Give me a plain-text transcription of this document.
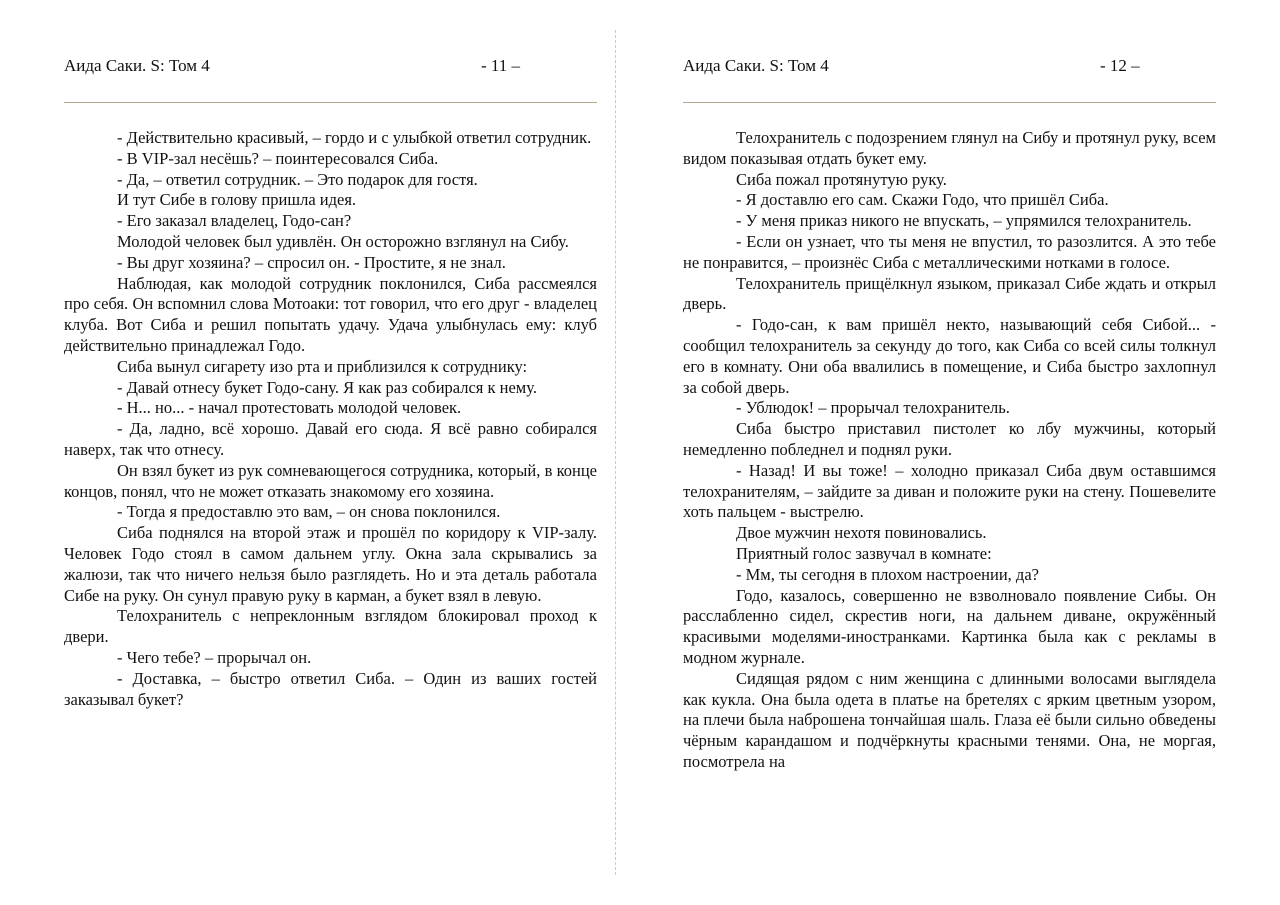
Аида Саки. S: Том 4	- 11 –

- Действительно красивый, – гордо и с улыбкой ответил сотрудник.

- В VIP-зал несёшь? – поинтересовался Сиба.

- Да, – ответил сотрудник. – Это подарок для гостя.

И тут Сибе в голову пришла идея.

- Его заказал владелец, Годо-сан?

Молодой человек был удивлён. Он осторожно взглянул на Сибу.

- Вы друг хозяина? – спросил он. - Простите, я не знал.

Наблюдая, как молодой сотрудник поклонился, Сиба рассмеялся про себя. Он вспомнил слова Мотоаки: тот говорил, что его друг - владелец клуба. Вот Сиба и решил попытать удачу. Удача улыбнулась ему: клуб действительно принадлежал Годо.

Сиба вынул сигарету изо рта и приблизился к сотруднику:

- Давай отнесу букет Годо-сану. Я как раз собирался к нему.

- Н... но... - начал протестовать молодой человек.

- Да, ладно, всё хорошо. Давай его сюда. Я всё равно собирался наверх, так что отнесу.

Он взял букет из рук сомневающегося сотрудника, который, в конце концов, понял, что не может отказать знакомому его хозяина.

- Тогда я предоставлю это вам, – он снова поклонился.

Сиба поднялся на второй этаж и прошёл по коридору к VIP-залу. Человек Годо стоял в самом дальнем углу. Окна зала скрывались за жалюзи, так что ничего нельзя было разглядеть. Но и эта деталь работала Сибе на руку. Он сунул правую руку в карман, а букет взял в левую.

Телохранитель с непреклонным взглядом блокировал проход к двери.

- Чего тебе? – прорычал он.

- Доставка, – быстро ответил Сиба. – Один из ваших гостей заказывал букет?

Аида Саки. S: Том 4	- 12 –

Телохранитель с подозрением глянул на Сибу и протянул руку, всем видом показывая отдать букет ему.

Сиба пожал протянутую руку.

- Я доставлю его сам. Скажи Годо, что пришёл Сиба.

- У меня приказ никого не впускать, – упрямился телохранитель.

- Если он узнает, что ты меня не впустил, то разозлится. А это тебе не понравится, – произнёс Сиба с металлическими нотками в голосе.

Телохранитель прищёлкнул языком, приказал Сибе ждать и открыл дверь.

- Годо-сан, к вам пришёл некто, называющий себя Сибой... - сообщил телохранитель за секунду до того, как Сиба со всей силы толкнул его в комнату. Они оба ввалились в помещение, и Сиба быстро захлопнул за собой дверь.

- Ублюдок! – прорычал телохранитель.

Сиба быстро приставил пистолет ко лбу мужчины, который немедленно побледнел и поднял руки.

- Назад! И вы тоже! – холодно приказал Сиба двум оставшимся телохранителям, – зайдите за диван и положите руки на стену. Пошевелите хоть пальцем - выстрелю.

Двое мужчин нехотя повиновались.

Приятный голос зазвучал в комнате:

- Мм, ты сегодня в плохом настроении, да?

Годо, казалось, совершенно не взволновало появление Сибы. Он расслабленно сидел, скрестив ноги, на дальнем диване, окружённый красивыми моделями-иностранками. Картинка была как с рекламы в модном журнале.

Сидящая рядом с ним женщина с длинными волосами выглядела как кукла. Она была одета в платье на бретелях с ярким цветным узором, на плечи была наброшена тончайшая шаль. Глаза её были сильно обведены чёрным карандашом и подчёркнуты красными тенями. Она, не моргая, посмотрела на
